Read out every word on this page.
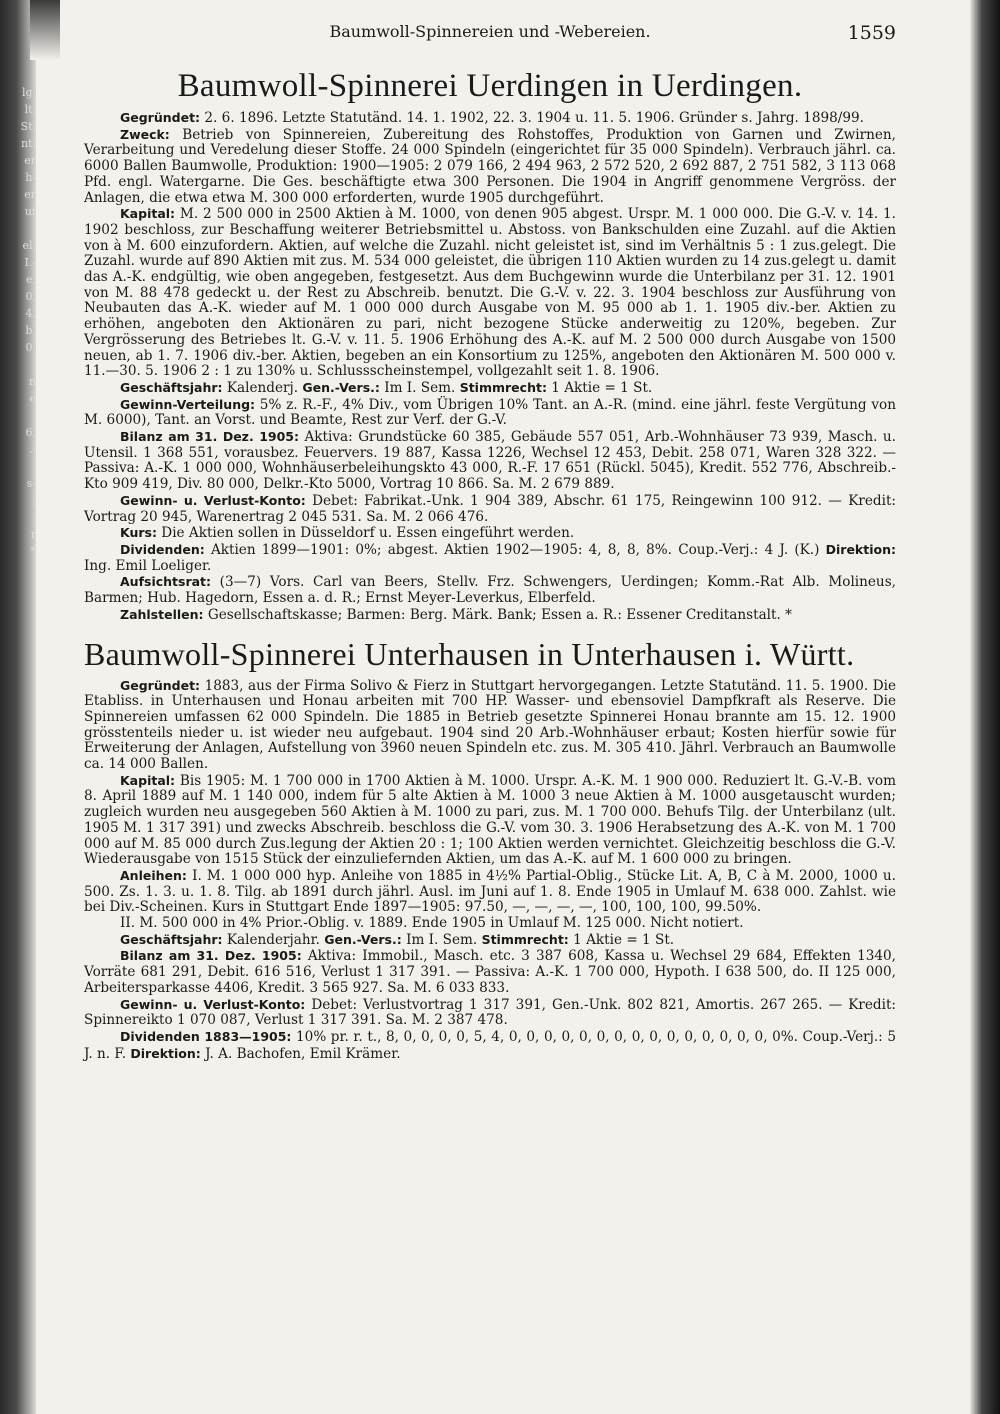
lg.
lt.
St.
nt.
er
h-
er
uf

el.
I.-
e,
0,
4,
b,
0.

n
e

6,
.:

s-
;

r
*
Baumwoll-Spinnereien und -Webereien.	1559
Baumwoll-Spinnerei Uerdingen in Uerdingen.

Gegründet: 2. 6. 1896. Letzte Statutänd. 14. 1. 1902, 22. 3. 1904 u. 11. 5. 1906. Gründer s. Jahrg. 1898/99.

Zweck: Betrieb von Spinnereien, Zubereitung des Rohstoffes, Produktion von Garnen und Zwirnen, Verarbeitung und Veredelung dieser Stoffe. 24 000 Spindeln (eingerichtet für 35 000 Spindeln). Verbrauch jährl. ca. 6000 Ballen Baumwolle, Produktion: 1900—1905: 2 079 166, 2 494 963, 2 572 520, 2 692 887, 2 751 582, 3 113 068 Pfd. engl. Watergarne. Die Ges. beschäftigte etwa 300 Personen. Die 1904 in Angriff genommene Vergröss. der Anlagen, die etwa etwa M. 300 000 erforderten, wurde 1905 durchgeführt.

Kapital: M. 2 500 000 in 2500 Aktien à M. 1000, von denen 905 abgest. Urspr. M. 1 000 000. Die G.-V. v. 14. 1. 1902 beschloss, zur Beschaffung weiterer Betriebsmittel u. Abstoss. von Bankschulden eine Zuzahl. auf die Aktien von à M. 600 einzufordern. Aktien, auf welche die Zuzahl. nicht geleistet ist, sind im Verhältnis 5 : 1 zus.gelegt. Die Zuzahl. wurde auf 890 Aktien mit zus. M. 534 000 geleistet, die übrigen 110 Aktien wurden zu 14 zus.gelegt u. damit das A.-K. endgültig, wie oben angegeben, festgesetzt. Aus dem Buchgewinn wurde die Unterbilanz per 31. 12. 1901 von M. 88 478 gedeckt u. der Rest zu Abschreib. benutzt. Die G.-V. v. 22. 3. 1904 beschloss zur Ausführung von Neubauten das A.-K. wieder auf M. 1 000 000 durch Ausgabe von M. 95 000 ab 1. 1. 1905 div.-ber. Aktien zu erhöhen, angeboten den Aktionären zu pari, nicht bezogene Stücke anderweitig zu 120%, begeben. Zur Vergrösserung des Betriebes lt. G.-V. v. 11. 5. 1906 Erhöhung des A.-K. auf M. 2 500 000 durch Ausgabe von 1500 neuen, ab 1. 7. 1906 div.-ber. Aktien, begeben an ein Konsortium zu 125%, angeboten den Aktionären M. 500 000 v. 11.—30. 5. 1906 2 : 1 zu 130% u. Schlussscheinstempel, vollgezahlt seit 1. 8. 1906.

Geschäftsjahr: Kalenderj. Gen.-Vers.: Im I. Sem. Stimmrecht: 1 Aktie = 1 St.

Gewinn-Verteilung: 5% z. R.-F., 4% Div., vom Übrigen 10% Tant. an A.-R. (mind. eine jährl. feste Vergütung von M. 6000), Tant. an Vorst. und Beamte, Rest zur Verf. der G.-V.

Bilanz am 31. Dez. 1905: Aktiva: Grundstücke 60 385, Gebäude 557 051, Arb.-Wohnhäuser 73 939, Masch. u. Utensil. 1 368 551, vorausbez. Feuervers. 19 887, Kassa 1226, Wechsel 12 453, Debit. 258 071, Waren 328 322. — Passiva: A.-K. 1 000 000, Wohnhäuserbeleihungskto 43 000, R.-F. 17 651 (Rückl. 5045), Kredit. 552 776, Abschreib.-Kto 909 419, Div. 80 000, Delkr.-Kto 5000, Vortrag 10 866. Sa. M. 2 679 889.

Gewinn- u. Verlust-Konto: Debet: Fabrikat.-Unk. 1 904 389, Abschr. 61 175, Reingewinn 100 912. — Kredit: Vortrag 20 945, Warenertrag 2 045 531. Sa. M. 2 066 476.

Kurs: Die Aktien sollen in Düsseldorf u. Essen eingeführt werden.

Dividenden: Aktien 1899—1901: 0%; abgest. Aktien 1902—1905: 4, 8, 8, 8%. Coup.-Verj.: 4 J. (K.) Direktion: Ing. Emil Loeliger.

Aufsichtsrat: (3—7) Vors. Carl van Beers, Stellv. Frz. Schwengers, Uerdingen; Komm.-Rat Alb. Molineus, Barmen; Hub. Hagedorn, Essen a. d. R.; Ernst Meyer-Leverkus, Elberfeld.

Zahlstellen: Gesellschaftskasse; Barmen: Berg. Märk. Bank; Essen a. R.: Essener Creditanstalt. *

Baumwoll-Spinnerei Unterhausen in Unterhausen i. Württ.

Gegründet: 1883, aus der Firma Solivo & Fierz in Stuttgart hervorgegangen. Letzte Statutänd. 11. 5. 1900. Die Etabliss. in Unterhausen und Honau arbeiten mit 700 HP. Wasser- und ebensoviel Dampfkraft als Reserve. Die Spinnereien umfassen 62 000 Spindeln. Die 1885 in Betrieb gesetzte Spinnerei Honau brannte am 15. 12. 1900 grösstenteils nieder u. ist wieder neu aufgebaut. 1904 sind 20 Arb.-Wohnhäuser erbaut; Kosten hierfür sowie für Erweiterung der Anlagen, Aufstellung von 3960 neuen Spindeln etc. zus. M. 305 410. Jährl. Verbrauch an Baumwolle ca. 14 000 Ballen.

Kapital: Bis 1905: M. 1 700 000 in 1700 Aktien à M. 1000. Urspr. A.-K. M. 1 900 000. Reduziert lt. G.-V.-B. vom 8. April 1889 auf M. 1 140 000, indem für 5 alte Aktien à M. 1000 3 neue Aktien à M. 1000 ausgetauscht wurden; zugleich wurden neu ausgegeben 560 Aktien à M. 1000 zu pari, zus. M. 1 700 000. Behufs Tilg. der Unterbilanz (ult. 1905 M. 1 317 391) und zwecks Abschreib. beschloss die G.-V. vom 30. 3. 1906 Herabsetzung des A.-K. von M. 1 700 000 auf M. 85 000 durch Zus.legung der Aktien 20 : 1; 100 Aktien werden vernichtet. Gleichzeitig beschloss die G.-V. Wiederausgabe von 1515 Stück der einzuliefernden Aktien, um das A.-K. auf M. 1 600 000 zu bringen.

Anleihen: I. M. 1 000 000 hyp. Anleihe von 1885 in 4½% Partial-Oblig., Stücke Lit. A, B, C à M. 2000, 1000 u. 500. Zs. 1. 3. u. 1. 8. Tilg. ab 1891 durch jährl. Ausl. im Juni auf 1. 8. Ende 1905 in Umlauf M. 638 000. Zahlst. wie bei Div.-Scheinen. Kurs in Stuttgart Ende 1897—1905: 97.50, —, —, —, —, 100, 100, 100, 99.50%.

II. M. 500 000 in 4% Prior.-Oblig. v. 1889. Ende 1905 in Umlauf M. 125 000. Nicht notiert.

Geschäftsjahr: Kalenderjahr. Gen.-Vers.: Im I. Sem. Stimmrecht: 1 Aktie = 1 St.

Bilanz am 31. Dez. 1905: Aktiva: Immobil., Masch. etc. 3 387 608, Kassa u. Wechsel 29 684, Effekten 1340, Vorräte 681 291, Debit. 616 516, Verlust 1 317 391. — Passiva: A.-K. 1 700 000, Hypoth. I 638 500, do. II 125 000, Arbeitersparkasse 4406, Kredit. 3 565 927. Sa. M. 6 033 833.

Gewinn- u. Verlust-Konto: Debet: Verlustvortrag 1 317 391, Gen.-Unk. 802 821, Amortis. 267 265. — Kredit: Spinnereikto 1 070 087, Verlust 1 317 391. Sa. M. 2 387 478.

Dividenden 1883—1905: 10% pr. r. t., 8, 0, 0, 0, 0, 5, 4, 0, 0, 0, 0, 0, 0, 0, 0, 0, 0, 0, 0, 0, 0, 0, 0%. Coup.-Verj.: 5 J. n. F. Direktion: J. A. Bachofen, Emil Krämer.
